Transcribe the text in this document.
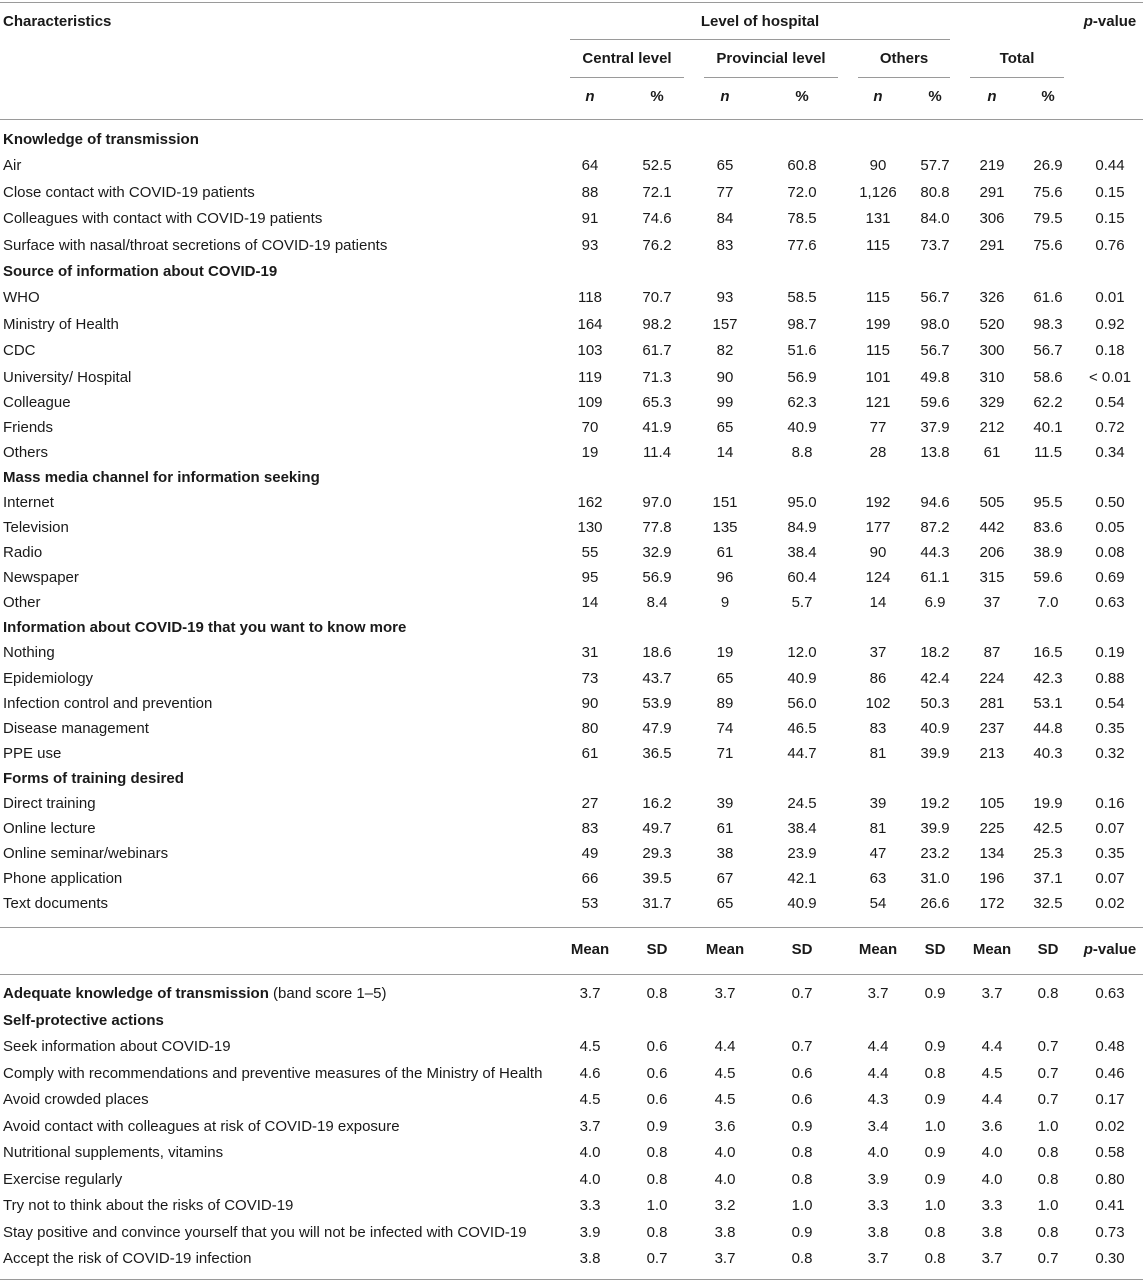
Characteristics	Level of hospital	p-value
Central level	Provincial level	Others	Total
n	%	n	%	n	%	n	%
Knowledge of transmission
Air	64	52.5	65	60.8	90	57.7	219	26.9	0.44
Close contact with COVID-19 patients	88	72.1	77	72.0	1,126	80.8	291	75.6	0.15
Colleagues with contact with COVID-19 patients	91	74.6	84	78.5	131	84.0	306	79.5	0.15
Surface with nasal/throat secretions of COVID-19 patients	93	76.2	83	77.6	115	73.7	291	75.6	0.76
Source of information about COVID-19
WHO	118	70.7	93	58.5	115	56.7	326	61.6	0.01
Ministry of Health	164	98.2	157	98.7	199	98.0	520	98.3	0.92
CDC	103	61.7	82	51.6	115	56.7	300	56.7	0.18
University/ Hospital	119	71.3	90	56.9	101	49.8	310	58.6	< 0.01
Colleague	109	65.3	99	62.3	121	59.6	329	62.2	0.54
Friends	70	41.9	65	40.9	77	37.9	212	40.1	0.72
Others	19	11.4	14	8.8	28	13.8	61	11.5	0.34
Mass media channel for information seeking
Internet	162	97.0	151	95.0	192	94.6	505	95.5	0.50
Television	130	77.8	135	84.9	177	87.2	442	83.6	0.05
Radio	55	32.9	61	38.4	90	44.3	206	38.9	0.08
Newspaper	95	56.9	96	60.4	124	61.1	315	59.6	0.69
Other	14	8.4	9	5.7	14	6.9	37	7.0	0.63
Information about COVID-19 that you want to know more
Nothing	31	18.6	19	12.0	37	18.2	87	16.5	0.19
Epidemiology	73	43.7	65	40.9	86	42.4	224	42.3	0.88
Infection control and prevention	90	53.9	89	56.0	102	50.3	281	53.1	0.54
Disease management	80	47.9	74	46.5	83	40.9	237	44.8	0.35
PPE use	61	36.5	71	44.7	81	39.9	213	40.3	0.32
Forms of training desired
Direct training	27	16.2	39	24.5	39	19.2	105	19.9	0.16
Online lecture	83	49.7	61	38.4	81	39.9	225	42.5	0.07
Online seminar/webinars	49	29.3	38	23.9	47	23.2	134	25.3	0.35
Phone application	66	39.5	67	42.1	63	31.0	196	37.1	0.07
Text documents	53	31.7	65	40.9	54	26.6	172	32.5	0.02
Mean	SD	Mean	SD	Mean	SD	Mean	SD	p-value
Adequate knowledge of transmission (band score 1–5)	3.7	0.8	3.7	0.7	3.7	0.9	3.7	0.8	0.63
Self-protective actions
Seek information about COVID-19	4.5	0.6	4.4	0.7	4.4	0.9	4.4	0.7	0.48
Comply with recommendations and preventive measures of the Ministry of Health	4.6	0.6	4.5	0.6	4.4	0.8	4.5	0.7	0.46
Avoid crowded places	4.5	0.6	4.5	0.6	4.3	0.9	4.4	0.7	0.17
Avoid contact with colleagues at risk of COVID-19 exposure	3.7	0.9	3.6	0.9	3.4	1.0	3.6	1.0	0.02
Nutritional supplements, vitamins	4.0	0.8	4.0	0.8	4.0	0.9	4.0	0.8	0.58
Exercise regularly	4.0	0.8	4.0	0.8	3.9	0.9	4.0	0.8	0.80
Try not to think about the risks of COVID-19	3.3	1.0	3.2	1.0	3.3	1.0	3.3	1.0	0.41
Stay positive and convince yourself that you will not be infected with COVID-19	3.9	0.8	3.8	0.9	3.8	0.8	3.8	0.8	0.73
Accept the risk of COVID-19 infection	3.8	0.7	3.7	0.8	3.7	0.8	3.7	0.7	0.30
